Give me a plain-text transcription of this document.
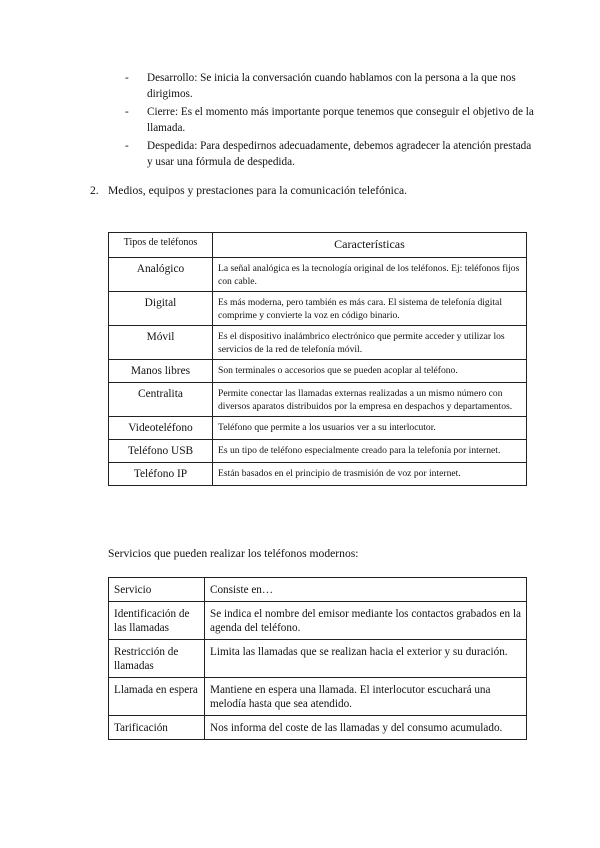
- Desarrollo: Se inicia la conversación cuando hablamos con la persona a la que nos dirigimos.
- Cierre: Es el momento más importante porque tenemos que conseguir el objetivo de la llamada.
- Despedida: Para despedirnos adecuadamente, debemos agradecer la atención prestada y usar una fórmula de despedida.
2. Medios, equipos y prestaciones para la comunicación telefónica.
Tipos de teléfonos	Características
Analógico	La señal analógica es la tecnología original de los teléfonos. Ej: teléfonos fijos con cable.
Digital	Es más moderna, pero también es más cara. El sistema de telefonía digital comprime y convierte la voz en código binario.
Móvil	Es el dispositivo inalámbrico electrónico que permite acceder y utilizar los servicios de la red de telefonía móvil.
Manos libres	Son terminales o accesorios que se pueden acoplar al teléfono.
Centralita	Permite conectar las llamadas externas realizadas a un mismo número con diversos aparatos distribuidos por la empresa en despachos y departamentos.
Videoteléfono	Teléfono que permite a los usuarios ver a su interlocutor.
Teléfono USB	Es un tipo de teléfono especialmente creado para la telefonía por internet.
Teléfono IP	Están basados en el principio de trasmisión de voz por internet.
Servicios que pueden realizar los teléfonos modernos:
Servicio	Consiste en…
Identificación de las llamadas	Se indica el nombre del emisor mediante los contactos grabados en la agenda del teléfono.
Restricción de llamadas	Limita las llamadas que se realizan hacia el exterior y su duración.
Llamada en espera	Mantiene en espera una llamada. El interlocutor escuchará una melodía hasta que sea atendido.
Tarificación	Nos informa del coste de las llamadas y del consumo acumulado.
